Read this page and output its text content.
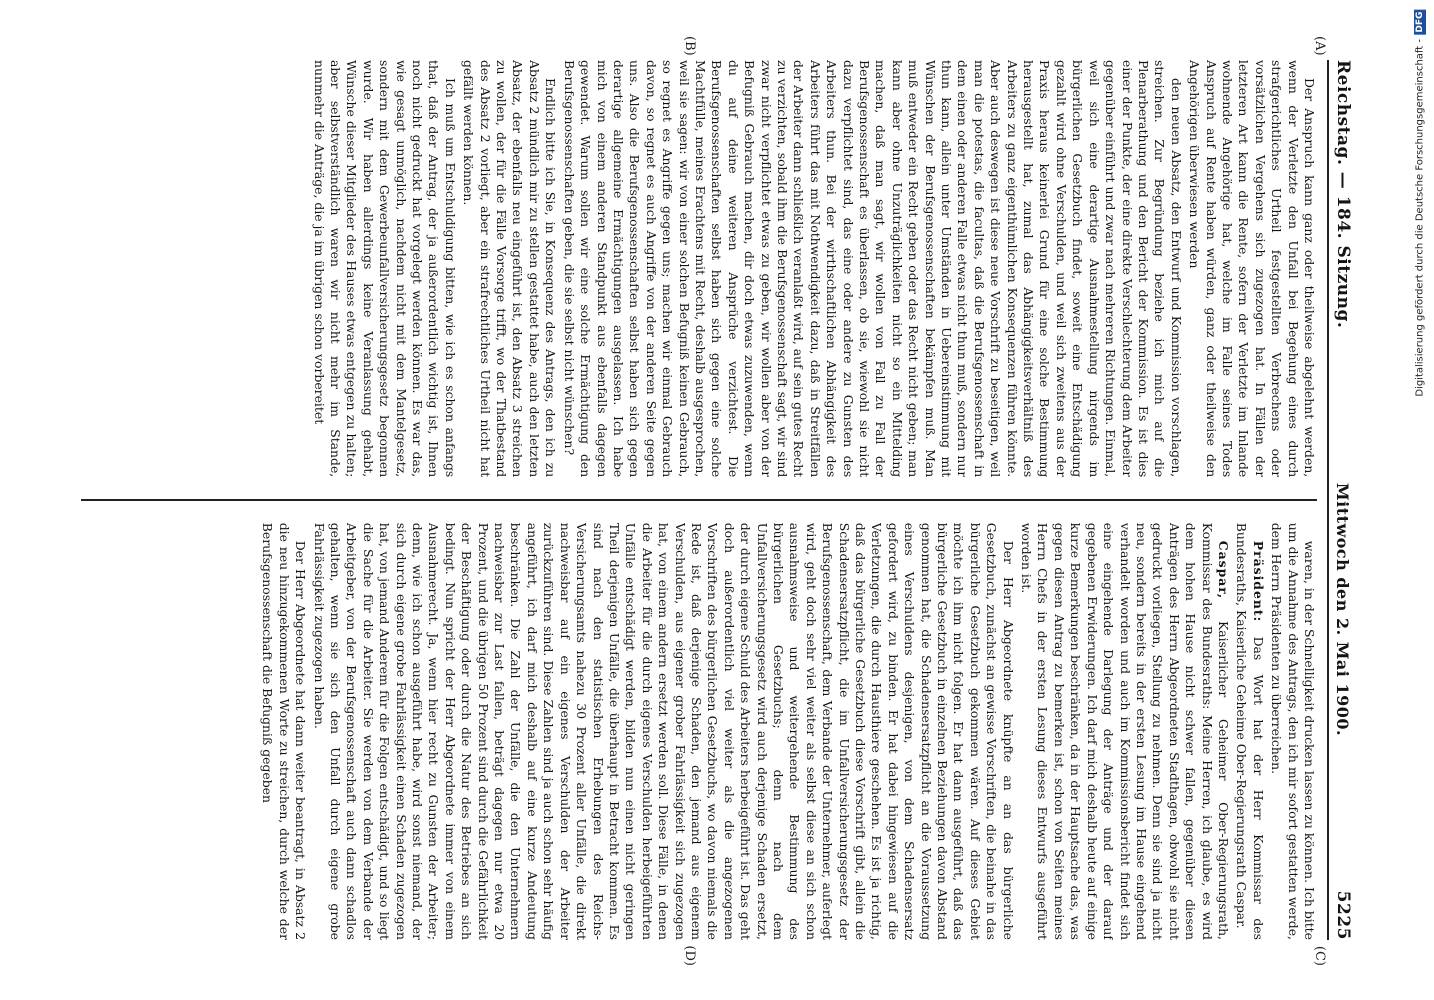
Digitalisierung gefördert durch die Deutsche Forschungsgemeinschaft -
DFG
Reichstag. — 184. Sitzung.
Mittwoch den 2. Mai 1900.
5225

Der Anspruch kann ganz oder theilweise abgelehnt werden, wenn der Verletzte den Unfall bei Begehung eines durch strafgerichtliches Urtheil festgestellten Verbrechens oder vorsätzlichen Vergehens sich zugezogen hat. In Fällen der letzteren Art kann die Rente, sofern der Verletzte im Inlande wohnende Angehörige hat, welche im Falle seines Todes Anspruch auf Rente haben würden, ganz oder theilweise den Angehörigen überwiesen werden

den neuen Absatz, den Entwurf und Kommission vorschlagen, streichen. Zur Begründung beziehe ich mich auf die Plenarberathung und den Bericht der Kommission. Es ist dies einer der Punkte, der eine direkte Verschlechterung dem Arbeiter gegenüber einführt und zwar nach mehreren Richtungen. Einmal, weil sich eine derartige Ausnahmestellung nirgends im bürgerlichen Gesetzbuch findet, soweit eine Entschädigung gezahlt wird ohne Verschulden, und weil sich zweitens aus der Praxis heraus keinerlei Grund für eine solche Bestimmung herausgestellt hat, zumal das Abhängigkeitsverhältniß des Arbeiters zu ganz eigenthümlichen Konsequenzen führen könnte. Aber auch deswegen ist diese neue Vorschrift zu beseitigen, weil man die potestas, die facultas, daß die Berufsgenossenschaft in dem einen oder anderen Falle etwas nicht thun muß, sondern nur thun kann, allein unter Umständen in Uebereinstimmung mit Wünschen der Berufsgenossenschaften bekämpfen muß. Man muß entweder ein Recht geben oder das Recht nicht geben; man kann aber ohne Unzuträglichkeiten nicht so ein Mittelding machen, daß man sagt, wir wollen von Fall zu Fall der Berufsgenossenschaft es überlassen, ob sie, wiewohl sie nicht dazu verpflichtet sind, das eine oder andere zu Gunsten des Arbeiters thun. Bei der wirthschaftlichen Abhängigkeit des Arbeiters führt das mit Nothwendigkeit dazu, daß in Streitfällen der Arbeiter dann schließlich veranlaßt wird, auf sein gutes Recht zu verzichten, sobald ihm die Berufsgenossenschaft sagt, wir sind zwar nicht verpflichtet etwas zu geben, wir wollen aber von der Befugniß Gebrauch machen, dir doch etwas zuzuwenden, wenn du auf deine weiteren Ansprüche verzichtest. Die Berufsgenossenschaften selbst haben sich gegen eine solche Machtfülle, meines Erachtens mit Recht, deshalb ausgesprochen, weil sie sagen: wir von einer solchen Befugniß keinen Gebrauch, so regnet es Angriffe gegen uns; machen wir einmal Gebrauch davon, so regnet es auch Angriffe von der anderen Seite gegen uns. Also die Berufsgenossenschaften selbst haben sich gegen derartige allgemeine Ermächtigungen ausgelassen. Ich habe mich von einem anderen Standpunkt aus ebenfalls dagegen gewendet. Warum sollen wir eine solche Ermächtigung den Berufsgenossenschaften geben, die sie selbst nicht wünschen?

Endlich bitte ich Sie, in Konsequenz des Antrags, den ich zu Absatz 2 mündlich mir zu stellen gestattet habe, auch den letzten Absatz, der ebenfalls neu eingeführt ist, den Absatz 3 streichen zu wollen, der für die Fälle Vorsorge trifft, wo der Thatbestand des Absatz 2 vorliegt, aber ein strafrechtliches Urtheil nicht hat gefällt werden können.

Ich muß um Entschuldigung bitten, wie ich es schon anfangs that, daß der Antrag, der ja außerordentlich wichtig ist, Ihnen noch nicht gedruckt hat vorgelegt werden können. Es war das, wie gesagt unmöglich, nachdem nicht mit dem Mantelgesetz, sondern mit dem Gewerbeunfallversicherungsgesetz begonnen wurde. Wir haben allerdings keine Veranlassung gehabt, Wünsche dieser Mitglieder des Hauses etwas entgegen zu halten; aber selbstverständlich waren wir nicht mehr im Stande, nunmehr die Anträge, die ja im übrigen schon vorbereitet

waren, in der Schnelligkeit drucken lassen zu können. Ich bitte um die Annahme des Antrags, den ich mir sofort gestatten werde, dem Herrn Präsidenten zu überreichen.

Präsident: Das Wort hat der Herr Kommissar des Bundesraths, Kaiserliche Geheime Ober-Regierungsrath Caspar.

Caspar, Kaiserlicher Geheimer Ober-Regierungsrath, Kommissar des Bundesraths: Meine Herren, ich glaube, es wird dem hohen Hause nicht schwer fallen, gegenüber diesen Anträgen des Herrn Abgeordneten Stadthagen, obwohl sie nicht gedruckt vorliegen, Stellung zu nehmen. Denn sie sind ja nicht neu, sondern bereits in der ersten Lesung im Hause eingehend verhandelt worden und auch im Kommissionsbericht findet sich eine eingehende Darlegung der Anträge und der darauf gegebenen Erwiderungen. Ich darf mich deshalb heute auf einige kurze Bemerkungen beschränken, da in der Hauptsache das, was gegen diesen Antrag zu bemerken ist, schon von Seiten meines Herrn Chefs in der ersten Lesung dieses Entwurfs ausgeführt worden ist.

Der Herr Abgeordnete knüpfte an an das bürgerliche Gesetzbuch, zunächst an gewisse Vorschriften, die beinahe in das bürgerliche Gesetzbuch gekommen wären. Auf dieses Gebiet möchte ich ihm nicht folgen. Er hat dann ausgeführt, daß das bürgerliche Gesetzbuch in einzelnen Beziehungen davon Abstand genommen hat, die Schadensersatzpflicht an die Voraussetzung eines Verschuldens desjenigen, von dem Schadensersatz gefordert wird, zu binden. Er hat dabei hingewiesen auf die Verletzungen, die durch Hausthiere geschehen. Es ist ja richtig, daß das bürgerliche Gesetzbuch diese Vorschrift gibt, allein die Schadensersatzpflicht, die im Unfallversicherungsgesetz der Berufsgenossenschaft, dem Verbande der Unternehmer, auferlegt wird, geht doch sehr viel weiter als selbst diese an sich schon ausnahmsweise und weitergehende Bestimmung des bürgerlichen Gesetzbuchs; denn nach dem Unfallversicherungsgesetz wird auch derjenige Schaden ersetzt, der durch eigene Schuld des Arbeiters herbeigeführt ist. Das geht doch außerordentlich viel weiter als die angezogenen Vorschriften des bürgerlichen Gesetzbuchs, wo davon niemals die Rede ist, daß derjenige Schaden, den jemand aus eigenem Verschulden, aus eigener grober Fahrlässigkeit sich zugezogen hat, von einem andern ersetzt werden soll. Diese Fälle, in denen die Arbeiter für die durch eigenes Verschulden herbeigeführten Unfälle entschädigt werden, bilden nun einen nicht geringen Theil derjenigen Unfälle, die überhaupt in Betracht kommen. Es sind nach den statistischen Erhebungen des Reichs-Versicherungsamts nahezu 30 Prozent aller Unfälle, die direkt nachweisbar auf ein eigenes Verschulden der Arbeiter zurückzuführen sind. Diese Zahlen sind ja auch schon sehr häufig angeführt, ich darf mich deshalb auf eine kurze Andeutung beschränken. Die Zahl der Unfälle, die den Unternehmern nachweisbar zur Last fallen, beträgt dagegen nur etwa 20 Prozent, und die übrigen 50 Prozent sind durch die Gefährlichkeit der Beschäftigung oder durch die Natur des Betriebes an sich bedingt. Nun spricht der Herr Abgeordnete immer von einem Ausnahmerecht. Ja, wenn hier recht zu Gunsten der Arbeiter; denn, wie ich schon ausgeführt habe, wird sonst niemand, der sich durch eigene grobe Fahrlässigkeit einen Schaden zugezogen hat, von jemand Anderem für die Folgen entschädigt, und so liegt die Sache für die Arbeiter. Sie werden von dem Verbande der Arbeitgeber, von der Berufsgenossenschaft auch dann schadlos gehalten, wenn sie sich den Unfall durch eigene grobe Fahrlässigkeit zugezogen haben.

Der Herr Abgeordnete hat dann weiter beantragt, in Absatz 2 die neu hinzugekommenen Worte zu streichen, durch welche der Berufsgenossenschaft die Befugniß gegeben

(A)
(B)
(C)
(D)
